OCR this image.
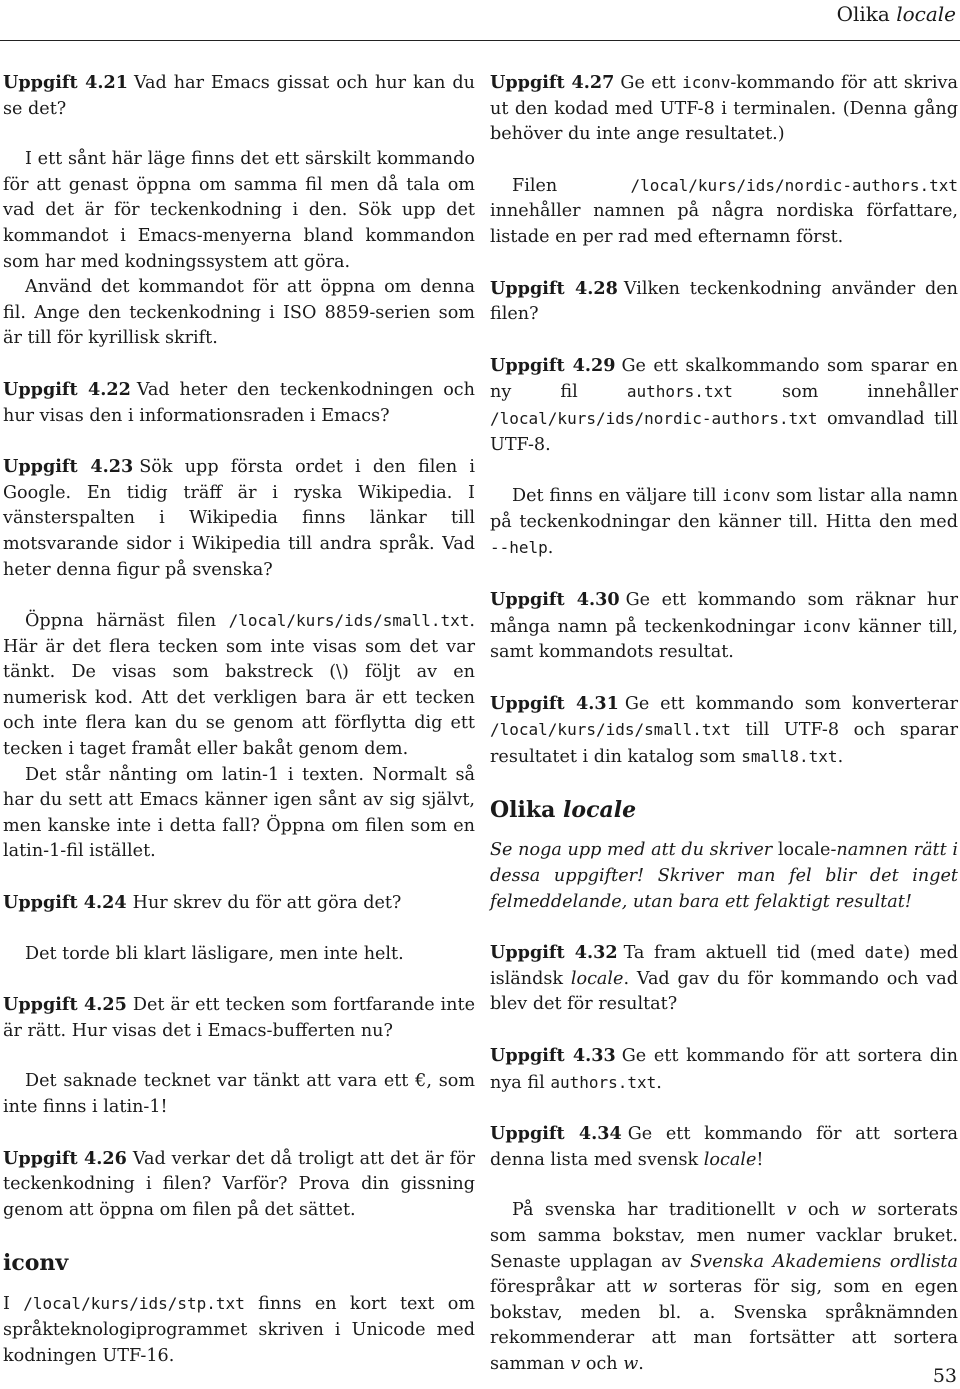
Olika locale

Uppgift 4.21 Vad har Emacs gissat och hur kan du se det?

I ett sånt här läge finns det ett särskilt kommando för att genast öppna om samma fil men då tala om vad det är för teckenkodning i den. Sök upp det kommandot i Emacs-menyerna bland kommandon som har med kodningssystem att göra.

Använd det kommandot för att öppna om denna fil. Ange den teckenkodning i ISO 8859-serien som är till för kyrillisk skrift.

Uppgift 4.22 Vad heter den teckenkodningen och hur visas den i informationsraden i Emacs?

Uppgift 4.23 Sök upp första ordet i den filen i Google. En tidig träff är i ryska Wikipedia. I vänsterspalten i Wikipedia finns länkar till motsvarande sidor i Wikipedia till andra språk. Vad heter denna figur på svenska?

Öppna härnäst filen /local/kurs/ids/small.txt. Här är det flera tecken som inte visas som det var tänkt. De visas som bakstreck (\) följt av en numerisk kod. Att det verkligen bara är ett tecken och inte flera kan du se genom att förflytta dig ett tecken i taget framåt eller bakåt genom dem.

Det står nånting om latin-1 i texten. Normalt så har du sett att Emacs känner igen sånt av sig självt, men kanske inte i detta fall? Öppna om filen som en latin-1-fil istället.

Uppgift 4.24 Hur skrev du för att göra det?

Det torde bli klart läsligare, men inte helt.

Uppgift 4.25 Det är ett tecken som fortfarande inte är rätt. Hur visas det i Emacs-bufferten nu?

Det saknade tecknet var tänkt att vara ett €, som inte finns i latin-1!

Uppgift 4.26 Vad verkar det då troligt att det är för teckenkodning i filen? Varför? Prova din gissning genom att öppna om filen på det sättet.

iconv

I /local/kurs/ids/stp.txt finns en kort text om språkteknologiprogrammet skriven i Unicode med kodningen UTF-16.

Uppgift 4.27 Ge ett iconv-kommando för att skriva ut den kodad med UTF-8 i terminalen. (Denna gång behöver du inte ange resultatet.)

Filen /local/kurs/ids/nordic-authors.txt innehåller namnen på några nordiska författare, listade en per rad med efternamn först.

Uppgift 4.28 Vilken teckenkodning använder den filen?

Uppgift 4.29 Ge ett skalkommando som sparar en ny fil authors.txt som innehåller /local/kurs/ids/nordic-authors.txt omvandlad till UTF-8.

Det finns en väljare till iconv som listar alla namn på teckenkodningar den känner till. Hitta den med --help.

Uppgift 4.30 Ge ett kommando som räknar hur många namn på teckenkodningar iconv känner till, samt kommandots resultat.

Uppgift 4.31 Ge ett kommando som konverterar /local/kurs/ids/small.txt till UTF-8 och sparar resultatet i din katalog som small8.txt.

Olika locale

Se noga upp med att du skriver locale-namnen rätt i dessa uppgifter! Skriver man fel blir det inget felmeddelande, utan bara ett felaktigt resultat!

Uppgift 4.32 Ta fram aktuell tid (med date) med isländsk locale. Vad gav du för kommando och vad blev det för resultat?

Uppgift 4.33 Ge ett kommando för att sortera din nya fil authors.txt.

Uppgift 4.34 Ge ett kommando för att sortera denna lista med svensk locale!

På svenska har traditionellt v och w sorterats som samma bokstav, men numer vacklar bruket. Senaste upplagan av Svenska Akademiens ordlista förespråkar att w sorteras för sig, som en egen bokstav, meden bl. a. Svenska språknämnden rekommenderar att man fortsätter att sortera samman v och w.

53
